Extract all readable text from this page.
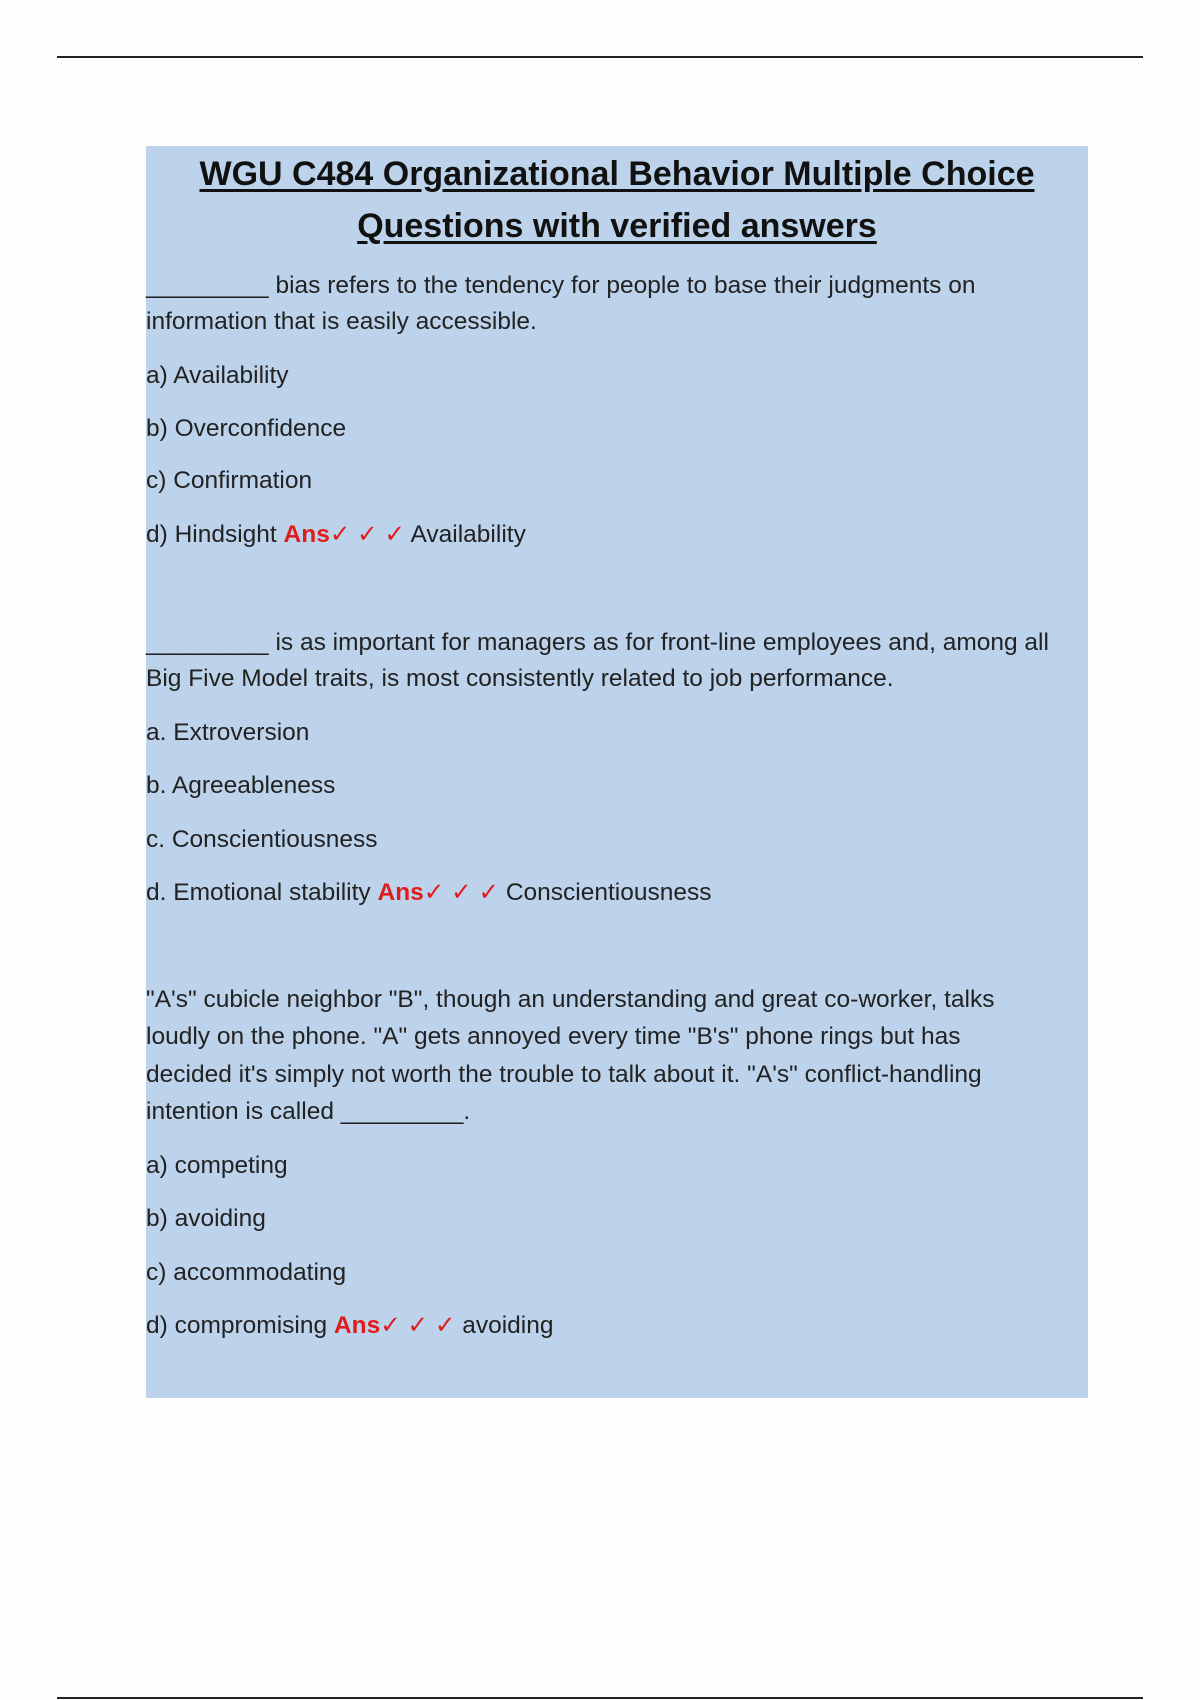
WGU C484 Organizational Behavior Multiple Choice
Questions with verified answers
_________ bias refers to the tendency for people to base their judgments on
information that is easily accessible.
a) Availability
b) Overconfidence
c) Confirmation
d) Hindsight Ans✓ ✓ ✓ Availability
_________ is as important for managers as for front-line employees and, among all
Big Five Model traits, is most consistently related to job performance.
a. Extroversion
b. Agreeableness
c. Conscientiousness
d. Emotional stability Ans✓ ✓ ✓ Conscientiousness
"A's" cubicle neighbor "B", though an understanding and great co-worker, talks
loudly on the phone. "A" gets annoyed every time "B's" phone rings but has
decided it's simply not worth the trouble to talk about it. "A's" conflict-handling
intention is called _________.
a) competing
b) avoiding
c) accommodating
d) compromising Ans✓ ✓ ✓ avoiding
